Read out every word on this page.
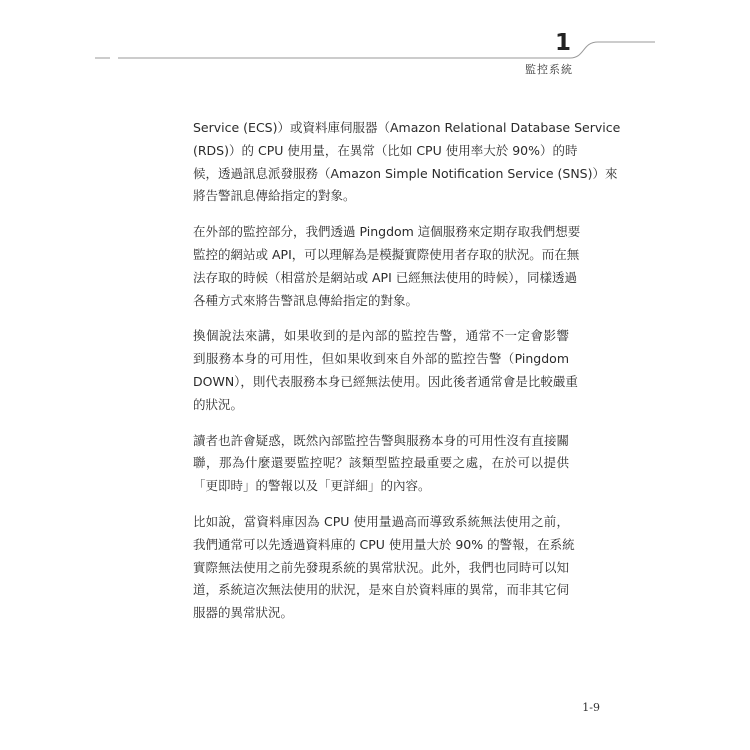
1
監控系統
Service (ECS)）或資料庫伺服器（Amazon Relational Database Service
(RDS)）的 CPU 使用量，在異常（比如 CPU 使用率大於 90%）的時
候，透過訊息派發服務（Amazon Simple Notification Service (SNS)）來
將告警訊息傳給指定的對象。
在外部的監控部分，我們透過 Pingdom 這個服務來定期存取我們想要
監控的網站或 API，可以理解為是模擬實際使用者存取的狀況。而在無
法存取的時候（相當於是網站或 API 已經無法使用的時候），同樣透過
各種方式來將告警訊息傳給指定的對象。
換個說法來講，如果收到的是內部的監控告警，通常不一定會影響
到服務本身的可用性，但如果收到來自外部的監控告警（Pingdom
DOWN），則代表服務本身已經無法使用。因此後者通常會是比較嚴重
的狀況。
讀者也許會疑惑，既然內部監控告警與服務本身的可用性沒有直接關
聯，那為什麼還要監控呢？該類型監控最重要之處，在於可以提供
「更即時」的警報以及「更詳細」的內容。
比如說，當資料庫因為 CPU 使用量過高而導致系統無法使用之前，
我們通常可以先透過資料庫的 CPU 使用量大於 90% 的警報，在系統
實際無法使用之前先發現系統的異常狀況。此外，我們也同時可以知
道，系統這次無法使用的狀況，是來自於資料庫的異常，而非其它伺
服器的異常狀況。
1-9
